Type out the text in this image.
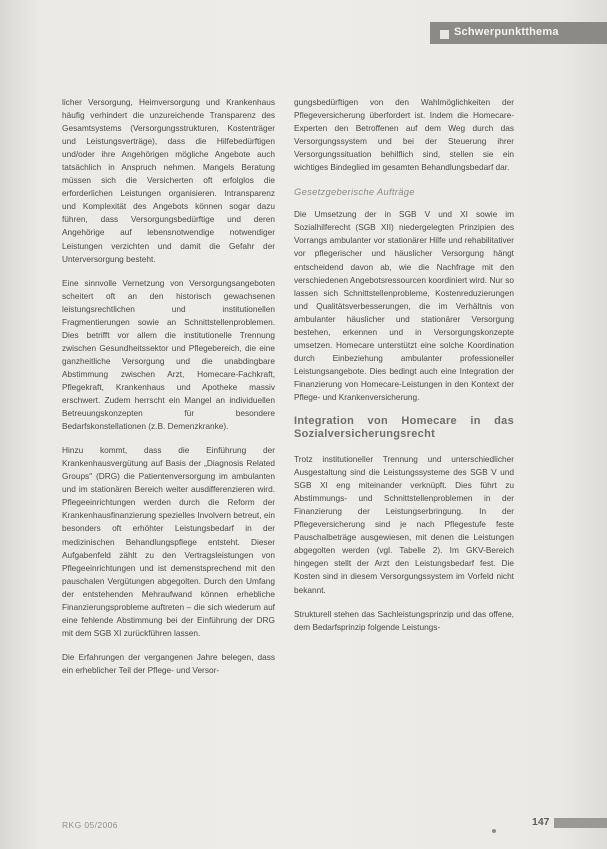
Schwerpunktthema

licher Versorgung, Heimversorgung und Krankenhaus häufig verhindert die unzureichende Transparenz des Gesamtsystems (Versorgungsstrukturen, Kostenträger und Leistungsverträge), dass die Hilfebedürftigen und/oder ihre Angehörigen mögliche Angebote auch tatsächlich in Anspruch nehmen. Mangels Beratung müssen sich die Versicherten oft erfolglos die erforderlichen Leistungen organisieren. Intransparenz und Komplexität des Angebots können sogar dazu führen, dass Versorgungsbedürftige und deren Angehörige auf lebensnotwendige notwendiger Leistungen verzichten und damit die Gefahr der Unterversorgung besteht.

Eine sinnvolle Vernetzung von Versorgungsangeboten scheitert oft an den historisch gewachsenen leistungsrechtlichen und institutionellen Fragmentierungen sowie an Schnittstellenproblemen. Dies betrifft vor allem die institutionelle Trennung zwischen Gesundheitssektor und Pflegebereich, die eine ganzheitliche Versorgung und die unabdingbare Abstimmung zwischen Arzt, Homecare-Fachkraft, Pflegekraft, Krankenhaus und Apotheke massiv erschwert. Zudem herrscht ein Mangel an individuellen Betreuungskonzepten für besondere Bedarfskonstellationen (z.B. Demenzkranke).

Hinzu kommt, dass die Einführung der Krankenhausvergütung auf Basis der „Diagnosis Related Groups" (DRG) die Patientenversorgung im ambulanten und im stationären Bereich weiter ausdifferenzieren wird. Pflegeeinrichtungen werden durch die Reform der Krankenhausfinanzierung spezielles Involvern betreut, ein besonders oft erhöhter Leistungsbedarf in der medizinischen Behandlungspflege entsteht. Dieser Aufgabenfeld zählt zu den Vertragsleistungen von Pflegeeinrichtungen und ist demenstsprechend mit den pauschalen Vergütungen abgegolten. Durch den Umfang der entstehenden Mehraufwand können erhebliche Finanzierungsprobleme auftreten – die sich wiederum auf eine fehlende Abstimmung bei der Einführung der DRG mit dem SGB XI zurückführen lassen.

Die Erfahrungen der vergangenen Jahre belegen, dass ein erheblicher Teil der Pflege- und Versor-

gungsbedürftigen von den Wahlmöglichkeiten der Pflegeversicherung überfordert ist. Indem die Homecare-Experten den Betroffenen auf dem Weg durch das Versorgungssystem und bei der Steuerung ihrer Versorgungssituation behilflich sind, stellen sie ein wichtiges Bindeglied im gesamten Behandlungsbedarf dar.

Gesetzgeberische Aufträge

Die Umsetzung der in SGB V und XI sowie im Sozialhilferecht (SGB XII) niedergelegten Prinzipien des Vorrangs ambulanter vor stationärer Hilfe und rehabilitativer vor pflegerischer und häuslicher Versorgung hängt entscheidend davon ab, wie die Nachfrage mit den verschiedenen Angebotsressourcen koordiniert wird. Nur so lassen sich Schnittstellenprobleme, Kostenreduzierungen und Qualitätsverbesserungen, die im Verhältnis von ambulanter häuslicher und stationärer Versorgung bestehen, erkennen und in Versorgungskonzepte umsetzen. Homecare unterstützt eine solche Koordination durch Einbeziehung ambulanter professioneller Leistungsangebote. Dies bedingt auch eine Integration der Finanzierung von Homecare-Leistungen in den Kontext der Pflege- und Krankenversicherung.

Integration von Homecare in das Sozialversicherungsrecht

Trotz institutioneller Trennung und unterschiedlicher Ausgestaltung sind die Leistungssysteme des SGB V und SGB XI eng miteinander verknüpft. Dies führt zu Abstimmungs- und Schnittstellenproblemen in der Finanzierung der Leistungserbringung. In der Pflegeversicherung sind je nach Pflegestufe feste Pauschalbeträge ausgewiesen, mit denen die Leistungen abgegolten werden (vgl. Tabelle 2). Im GKV-Bereich hingegen stellt der Arzt den Leistungsbedarf fest. Die Kosten sind in diesem Versorgungssystem im Vorfeld nicht bekannt.

Strukturell stehen das Sachleistungsprinzip und das offene, dem Bedarfsprinzip folgende Leistungs-

RKG 05/2006	147
